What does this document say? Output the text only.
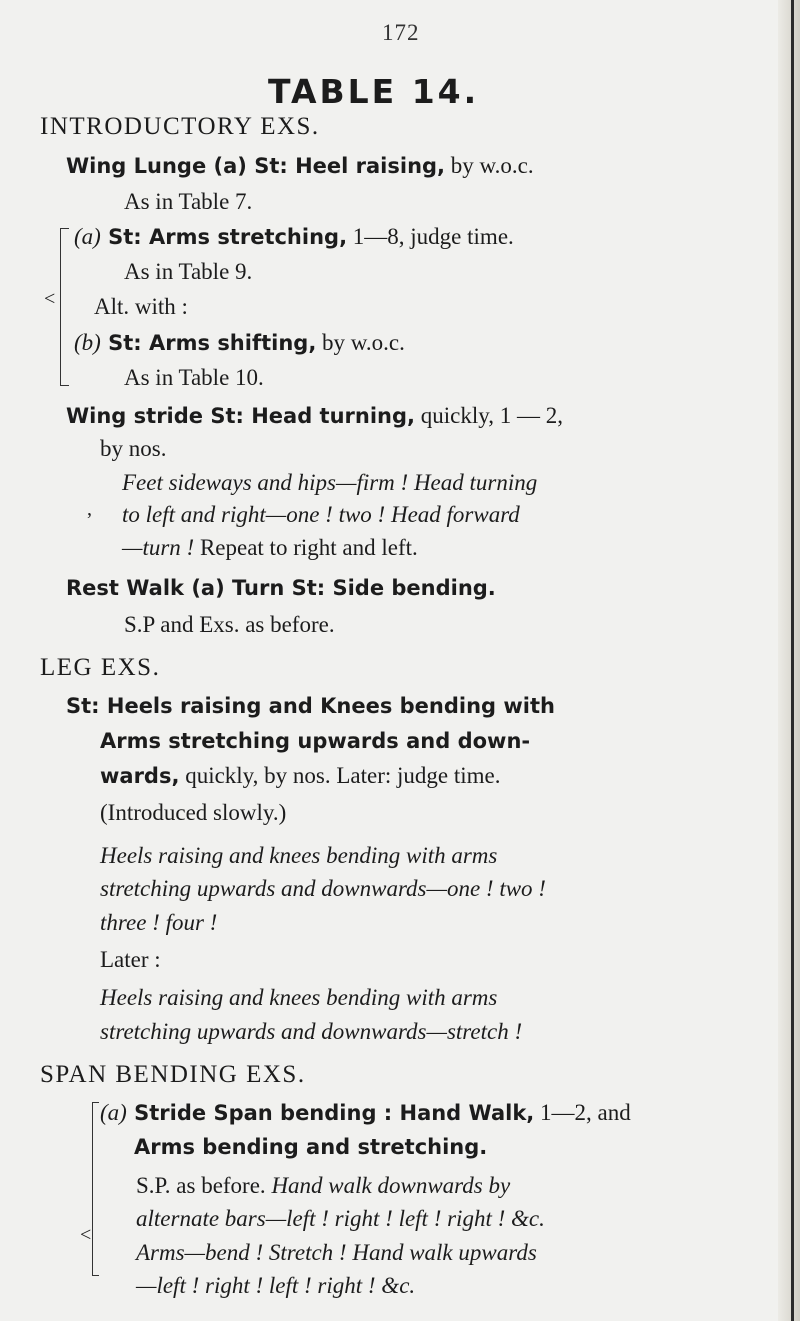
172
TABLE 14.
INTRODUCTORY EXS.
Wing Lunge (a) St: Heel raising, by w.o.c.
As in Table 7.
<
(a) St: Arms stretching, 1—8, judge time.
As in Table 9.
Alt. with :
(b) St: Arms shifting, by w.o.c.
As in Table 10.
Wing stride St: Head turning, quickly, 1 — 2,
by nos.
Feet sideways and hips—firm ! Head turning
, to left and right—one ! two ! Head forward
—turn ! Repeat to right and left.
Rest Walk (a) Turn St: Side bending.
S.P and Exs. as before.
LEG EXS.
St: Heels raising and Knees bending with
Arms stretching upwards and down-
wards, quickly, by nos. Later: judge time.
(Introduced slowly.)
Heels raising and knees bending with arms
stretching upwards and downwards—one ! two !
three ! four !
Later :
Heels raising and knees bending with arms
stretching upwards and downwards—stretch !
SPAN BENDING EXS.
<
(a) Stride Span bending : Hand Walk, 1—2, and
Arms bending and stretching.
S.P. as before. Hand walk downwards by
alternate bars—left ! right ! left ! right ! &c.
Arms—bend ! Stretch ! Hand walk upwards
—left ! right ! left ! right ! &c.
